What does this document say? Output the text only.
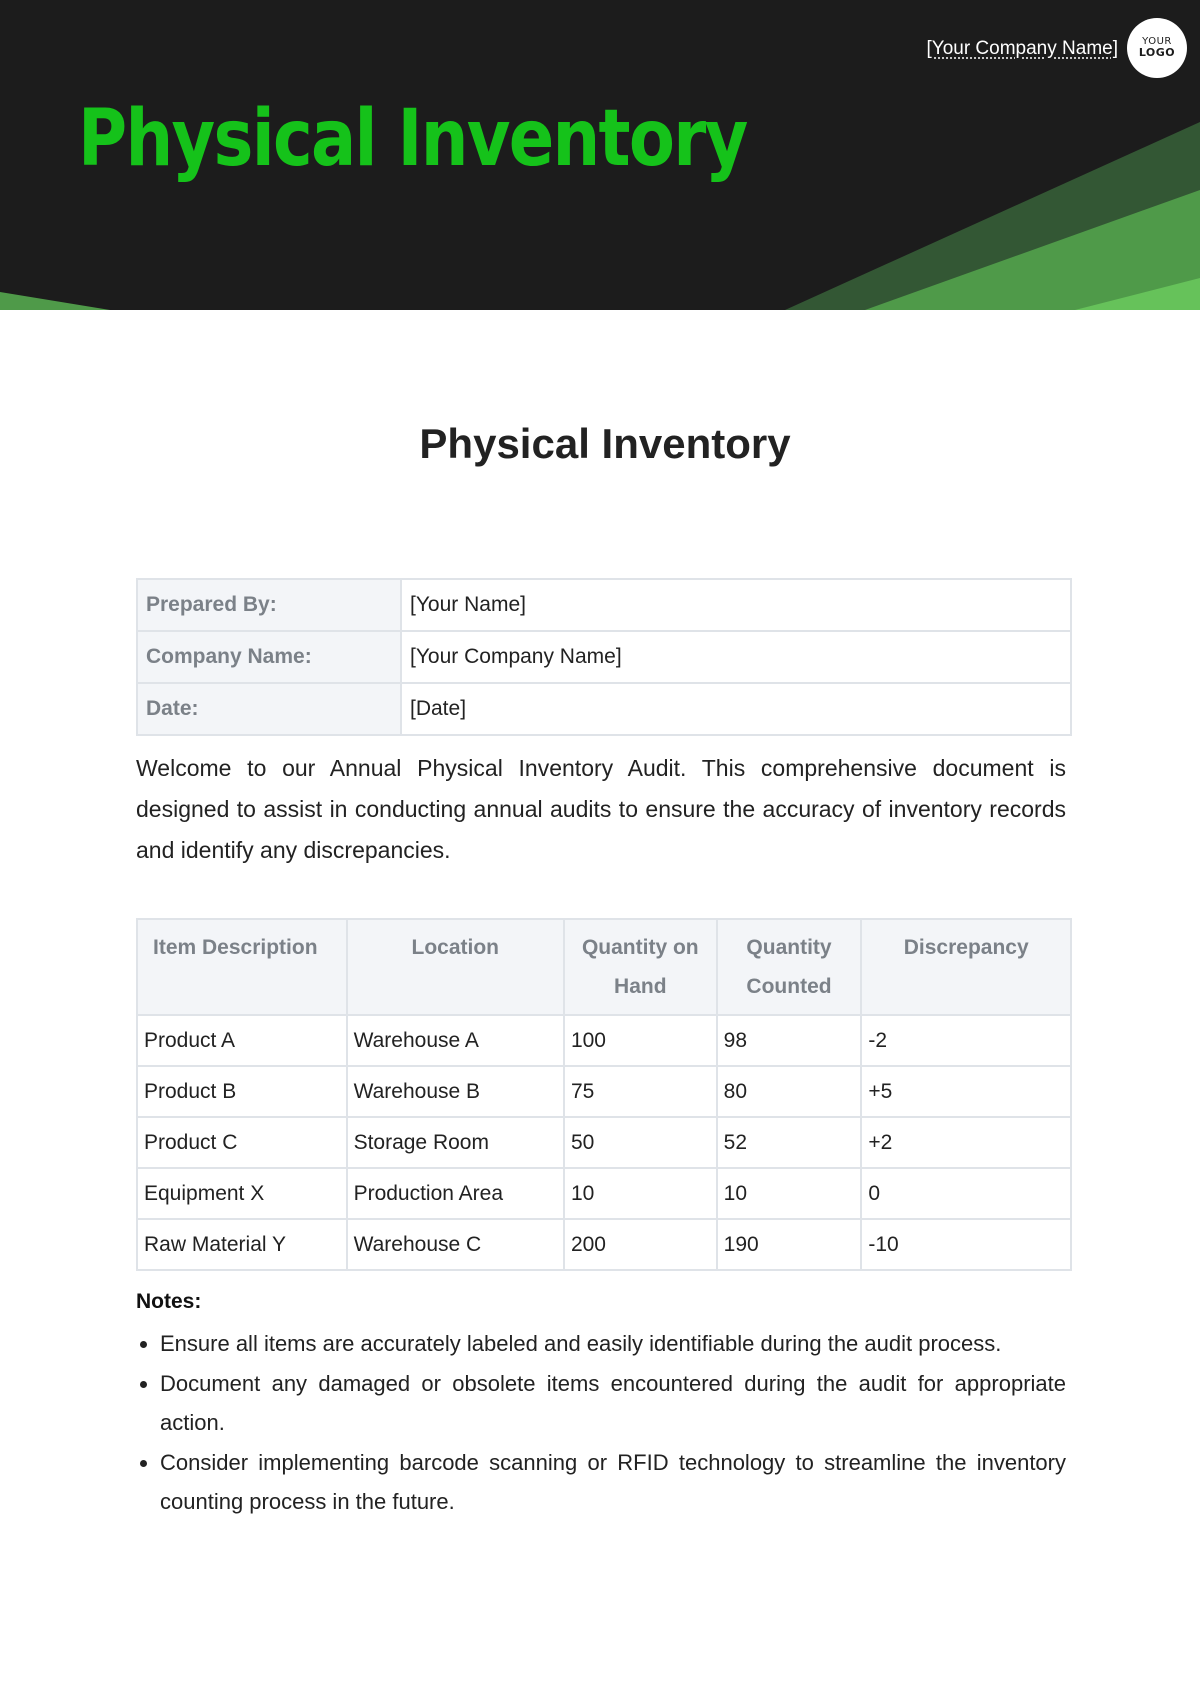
[Your Company Name] YOUR
LOGO
Physical Inventory
Physical Inventory
Prepared By:	[Your Name]
Company Name:	[Your Company Name]
Date:	[Date]

Welcome to our Annual Physical Inventory Audit. This comprehensive document is designed to assist in conducting annual audits to ensure the accuracy of inventory records and identify any discrepancies.

Item Description	Location	Quantity on Hand	Quantity Counted	Discrepancy
Product A	Warehouse A	100	98	-2
Product B	Warehouse B	75	80	+5
Product C	Storage Room	50	52	+2
Equipment X	Production Area	10	10	0
Raw Material Y	Warehouse C	200	190	-10

Notes:

• Ensure all items are accurately labeled and easily identifiable during the audit process.
• Document any damaged or obsolete items encountered during the audit for appropriate action.
• Consider implementing barcode scanning or RFID technology to streamline the inventory counting process in the future.
